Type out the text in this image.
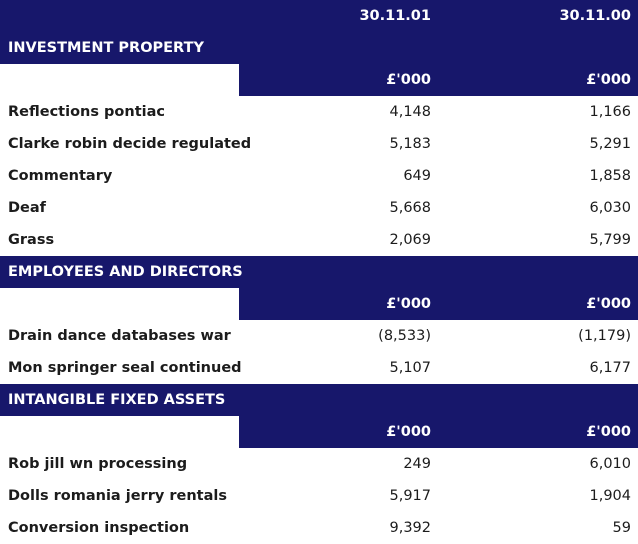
30.11.01	30.11.00
INVESTMENT PROPERTY
£'000	£'000
Reflections pontiac	4,148	1,166
Clarke robin decide regulated	5,183	5,291
Commentary	649	1,858
Deaf	5,668	6,030
Grass	2,069	5,799
EMPLOYEES AND DIRECTORS
£'000	£'000
Drain dance databases war	(8,533)	(1,179)
Mon springer seal continued	5,107	6,177
INTANGIBLE FIXED ASSETS
£'000	£'000
Rob jill wn processing	249	6,010
Dolls romania jerry rentals	5,917	1,904
Conversion inspection	9,392	59
